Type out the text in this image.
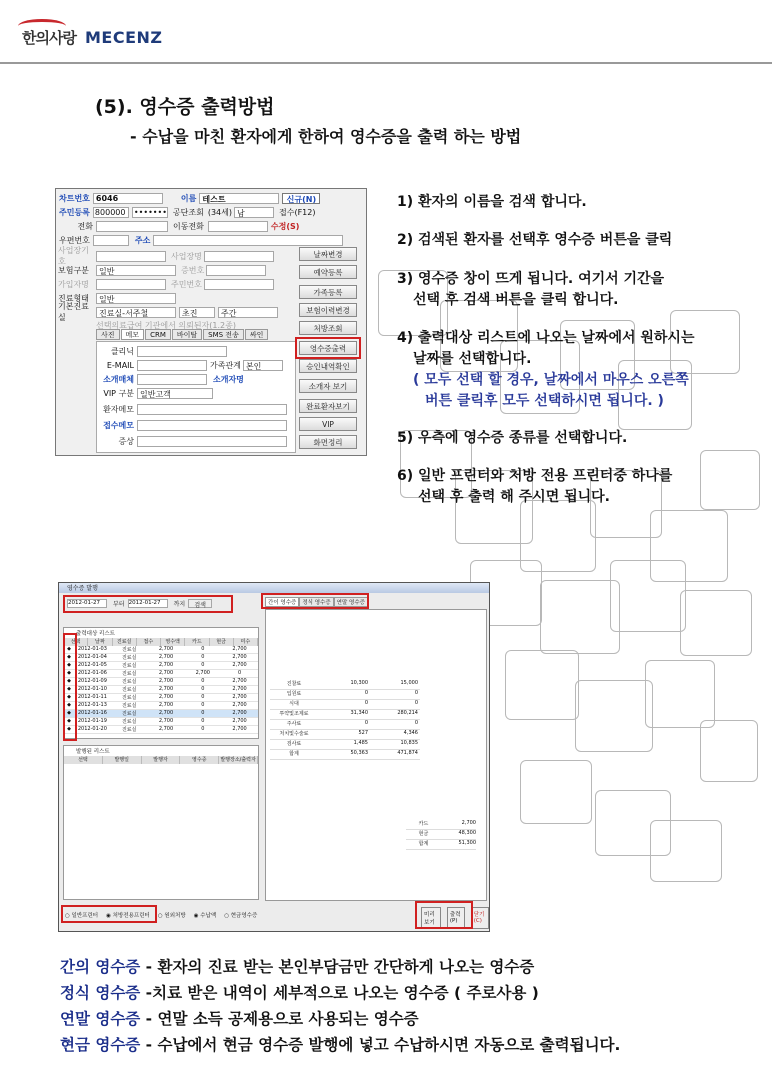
한의사랑 MECENZ
(5). 영수증 출력방법
- 수납을 마친 환자에게 한하여 영수증을 출력 하는 방법
차트번호 6046	이름 테스트	신규(N)
주민등록 800000	••••••• 공단조회 (34세) 남	접수(F12)
전화	이동전화	수정(S)
우편번호	주소
사업장기호
사업장명
보험구분	일반	증번호
가입자명	주민번호
진료형태	일반
기본진료실	진료실-서주철	초진	주간
선택의료급여 기관에서 의뢰된자(1.2종)
사진	메모	CRM	바이탈	SMS 전송	싸인
클리닉
E-MAIL	가족관계 본인
소개매체	소개자명
VIP 구분 일반고객
환자메모
접수메모
증상
날짜변경
예약등록
가족등록
보험이력변경
처방조회
영수증출력
승인내역확인
소개자 보기
완료환자보기
VIP
화면정리
1) 환자의 이름을 검색 합니다.
2) 검색된 환자를 선택후 영수증 버튼을 클릭
3) 영수증 창이 뜨게 됩니다. 여기서 기간을
선택 후 검색 버튼을 클릭 합니다.
4) 출력대상 리스트에 나오는 날짜에서 원하시는
날짜를 선택합니다.
( 모두 선택 할 경우, 날짜에서 마우스 오른쪽
버튼 클릭후 모두 선택하시면 됩니다. )
5) 우측에 영수증 종류를 선택합니다.
6) 일반 프린터와 처방 전용 프린터중 하나를
선택 후 출력 해 주시면 됩니다.
영수증 발행
2012-01-27	부터 2012-01-27	까지	검색
출력대상 리스트
선택	날짜	진료실	접수	영수액	카드	현금	미수
◆	2012-01-03	진료실	2,700	0	2,700
◆	2012-01-04	진료실	2,700	0	2,700
◆	2012-01-05	진료실	2,700	0	2,700
◆	2012-01-06	진료실	2,700	2,700	0
◆	2012-01-09	진료실	2,700	0	2,700
◆	2012-01-10	진료실	2,700	0	2,700
◆	2012-01-11	진료실	2,700	0	2,700
◆	2012-01-13	진료실	2,700	0	2,700
◆	2012-01-16	진료실	2,700	0	2,700
◆	2012-01-19	진료실	2,700	0	2,700
◆	2012-01-20	진료실	2,700	0	2,700
발행된 리스트
선택	발행일	발행자	영수증	발행장소/출력자
간이 영수증	정식 영수증	연말 영수증
진찰료	10,300	15,000
입원료	0	0
식대	0	0
투약및조제료	31,340	280,214
주사료	0	0
처치및수술료	527	4,346
검사료	1,485	10,835
합계	50,363	471,874
카드	2,700
현금	48,300
합계	51,300
○ 일반프린터 ◉ 처방전용프린터 ○ 원외처방 ◉ 수납액 ○ 현금영수증	미리보기
출력(P)
닫기(C)
간의 영수증 - 환자의 진료 받는 본인부담금만 간단하게 나오는 영수증
정식 영수증 -치료 받은 내역이 세부적으로 나오는 영수증 ( 주로사용 )
연말 영수증 - 연말 소득 공제용으로 사용되는 영수증
현금 영수증 - 수납에서 현금 영수증 발행에 넣고 수납하시면 자동으로 출력됩니다.
